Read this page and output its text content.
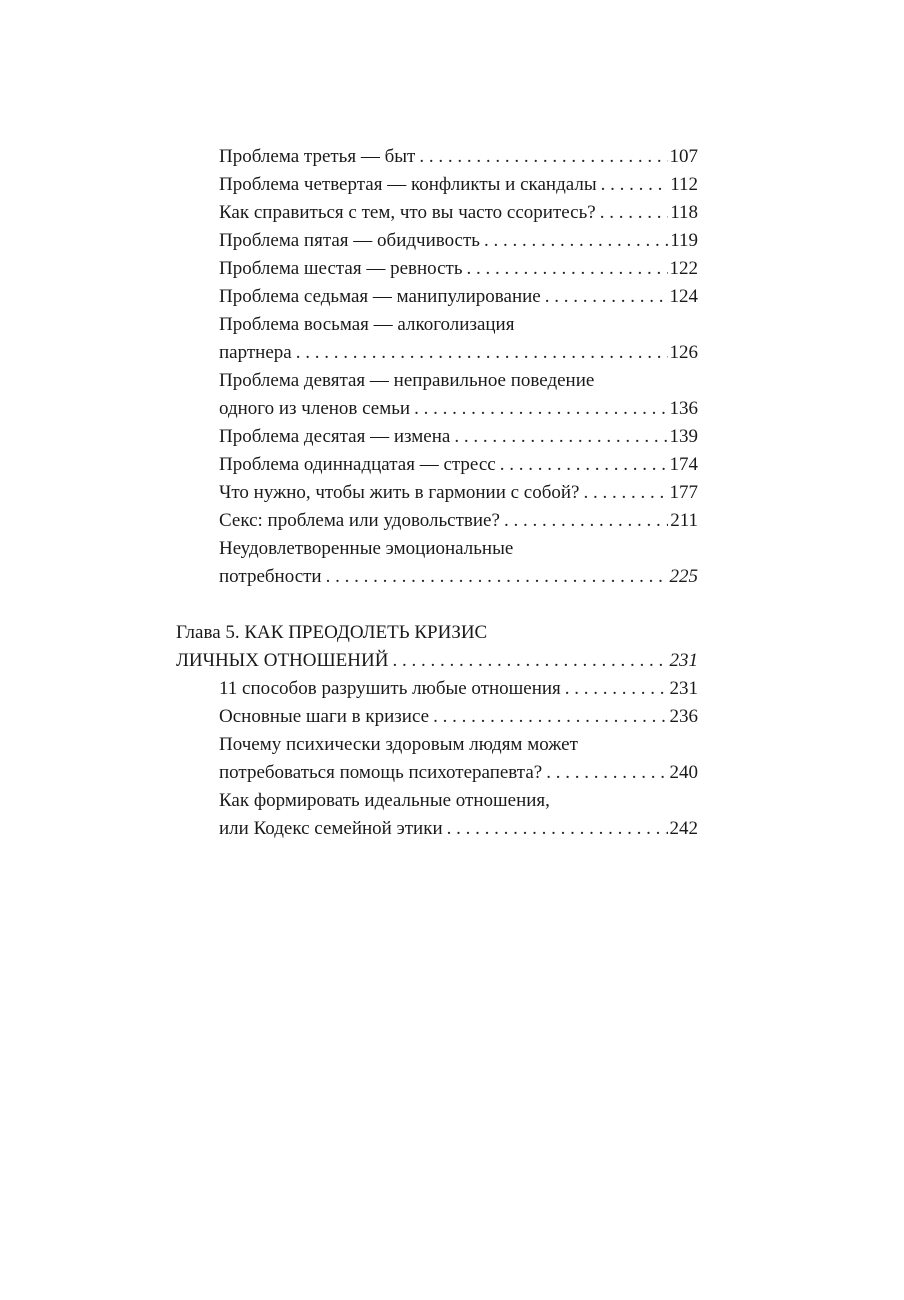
Проблема третья — быт . . .	107
Проблема четвертая — конфликты и скандалы . . .	112
Как справиться с тем, что вы часто ссоритесь? . . .	118
Проблема пятая — обидчивость . . .	119
Проблема шестая — ревность . . .	122
Проблема седьмая — манипулирование . . .	124
Проблема восьмая — алкоголизация
партнера . . .	126
Проблема девятая — неправильное поведение
одного из членов семьи . . .	136
Проблема десятая — измена . . .	139
Проблема одиннадцатая — стресс . . .	174
Что нужно, чтобы жить в гармонии с собой? . . .	177
Секс: проблема или удовольствие? . . .	211
Неудовлетворенные эмоциональные
потребности . . .	225
Глава 5. КАК ПРЕОДОЛЕТЬ КРИЗИС
ЛИЧНЫХ ОТНОШЕНИЙ . . .	231
11 способов разрушить любые отношения . . .	231
Основные шаги в кризисе . . .	236
Почему психически здоровым людям может
потребоваться помощь психотерапевта? . . .	240
Как формировать идеальные отношения,
или Кодекс семейной этики . . .	242
